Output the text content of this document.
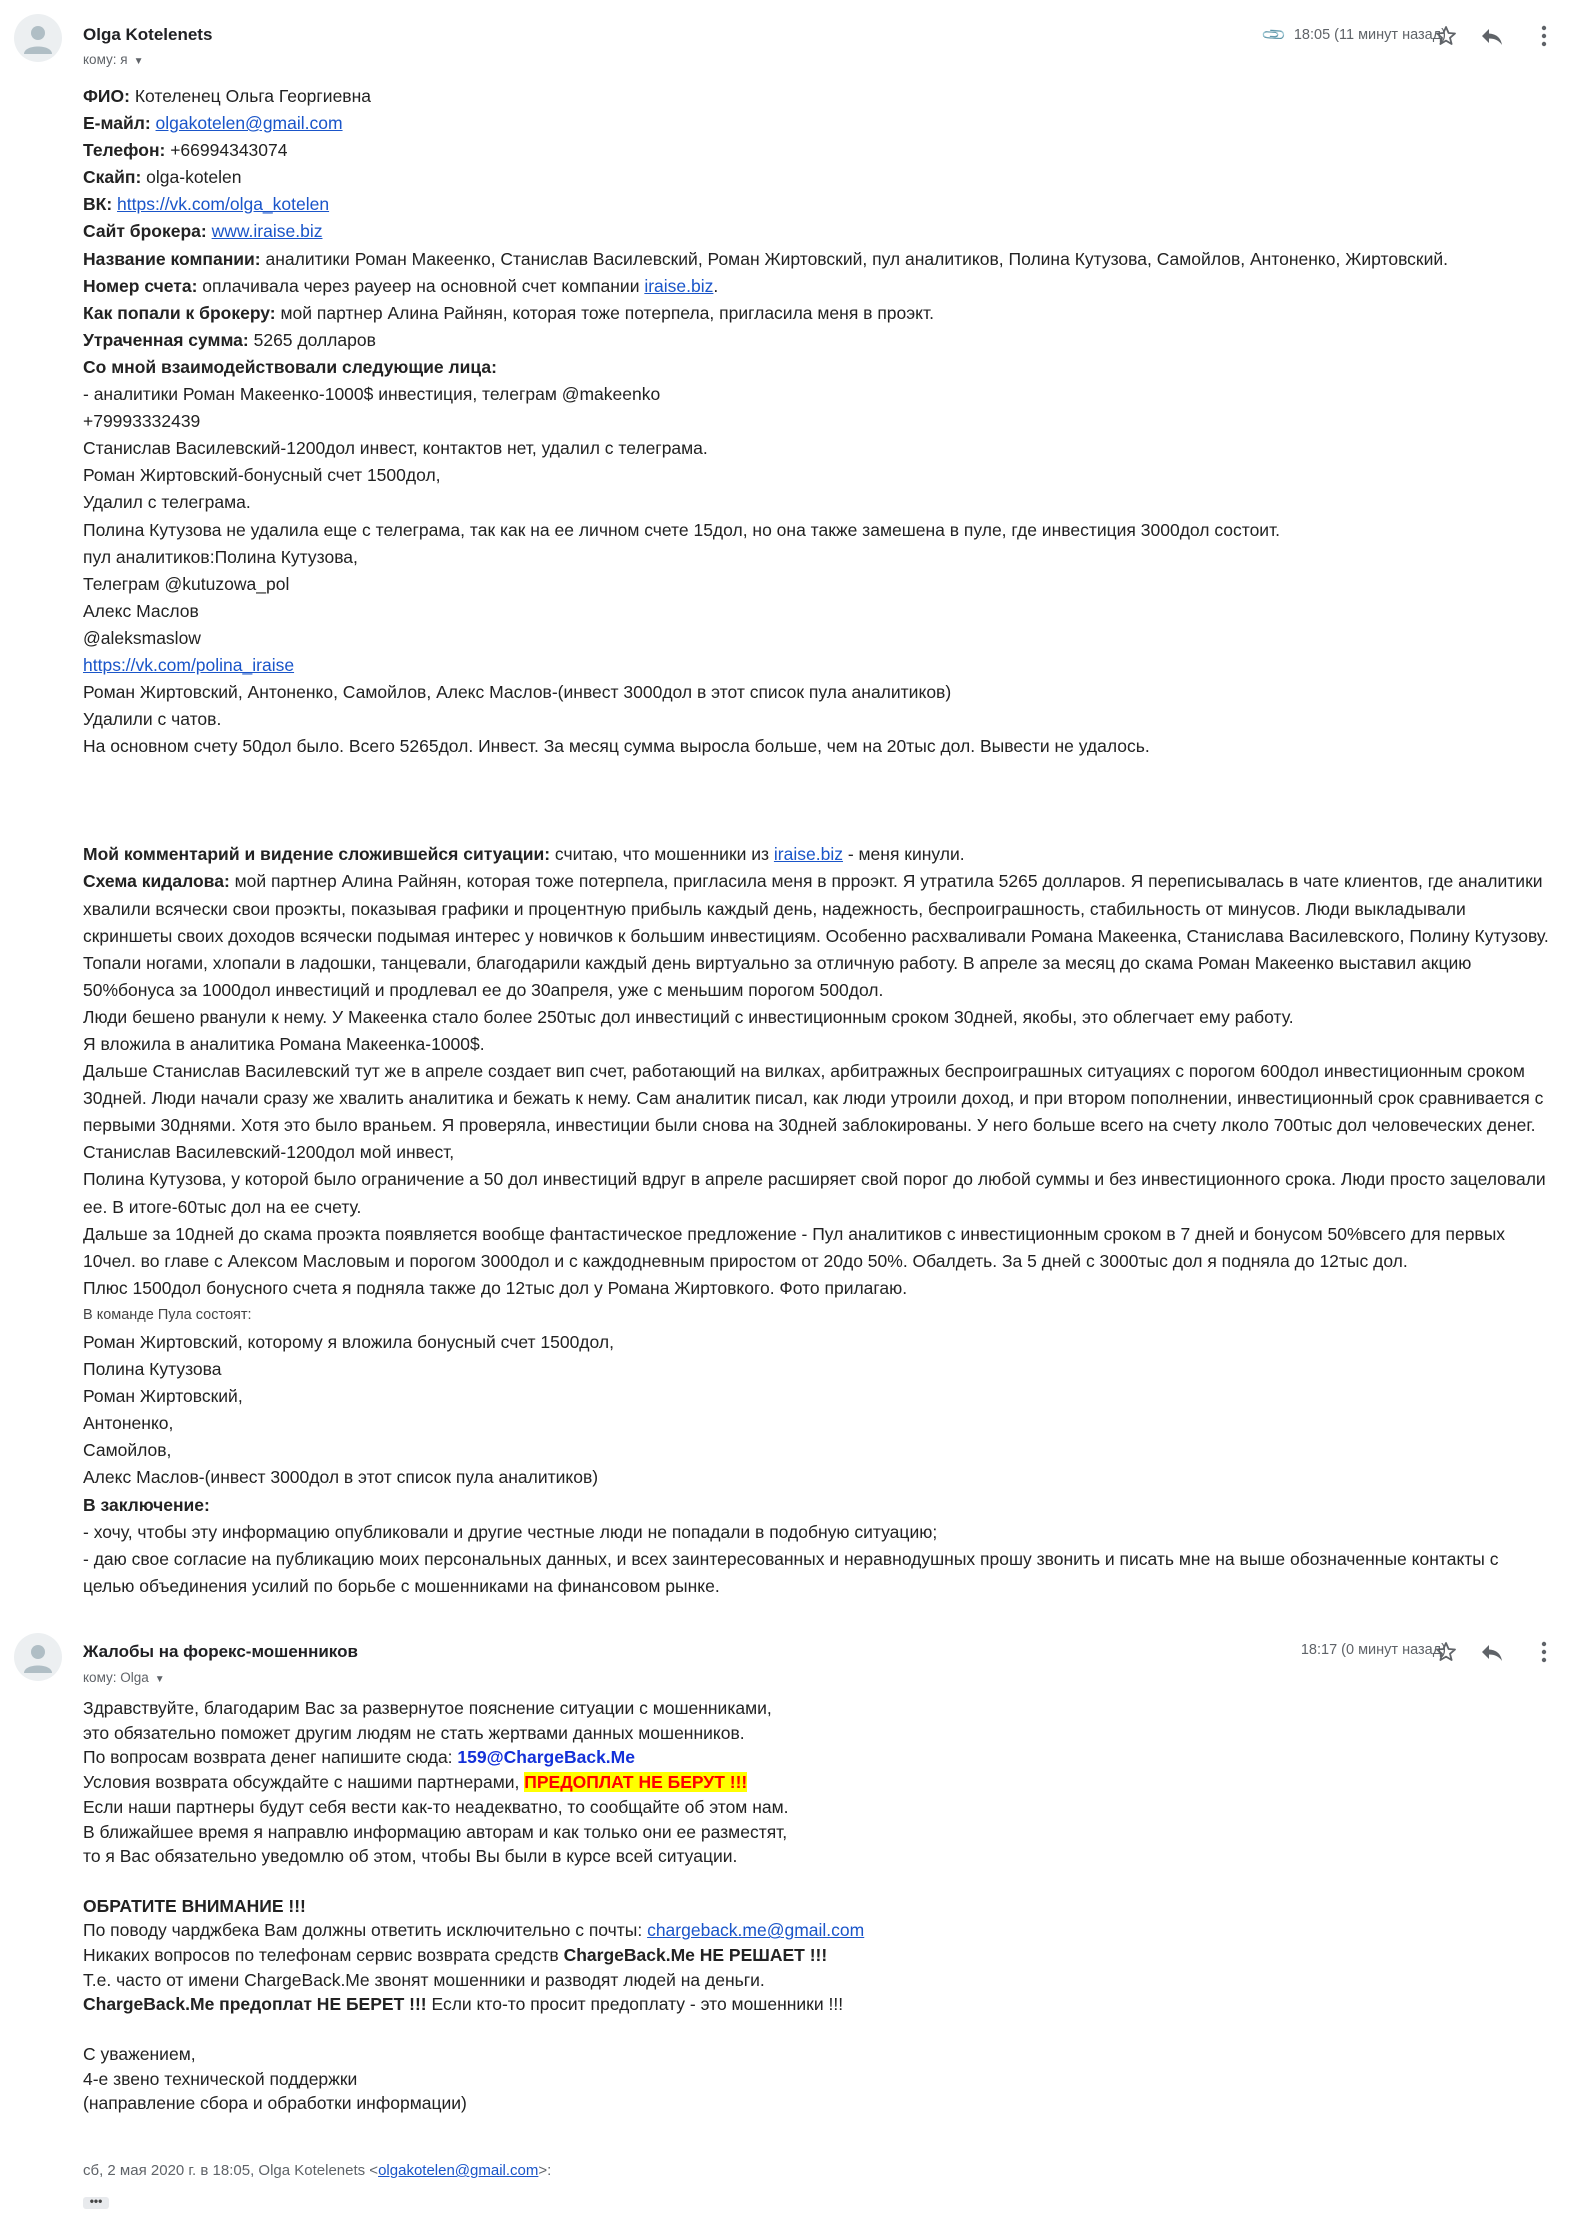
Olga Kotelenets
кому: я ▼
📎 18:05 (11 минут назад)

ФИО: Котеленец Ольга Георгиевна

Е-майл: olgakotelen@gmail.com

Телефон: +66994343074

Скайп: olga-kotelen

ВК: https://vk.com/olga_kotelen

Сайт брокера: www.iraise.biz

Название компании: аналитики Роман Макеенко, Станислав Василевский, Роман Жиртовский, пул аналитиков, Полина Кутузова, Самойлов, Антоненко, Жиртовский.

Номер счета: оплачивала через рауеер на основной счет компании iraise.biz.

Как попали к брокеру: мой партнер Алина Райнян, которая тоже потерпела, пригласила меня в проэкт.

Утраченная сумма: 5265 долларов

Со мной взаимодействовали следующие лица:

- аналитики Роман Макеенко-1000$ инвестиция, телеграм @makeenko

+79993332439

Станислав Василевский-1200дол инвест, контактов нет, удалил с телеграма.

Роман Жиртовский-бонусный счет 1500дол,

Удалил с телеграма.

Полина Кутузова не удалила еще с телеграма, так как на ее личном счете 15дол, но она также замешена в пуле, где инвестиция 3000дол состоит.

пул аналитиков:Полина Кутузова,

Телеграм @kutuzowa_pol

Алекс Маслов

@aleksmaslow

https://vk.com/polina_iraise

Роман Жиртовский, Антоненко, Самойлов, Алекс Маслов-(инвест 3000дол в этот список пула аналитиков)

Удалили с чатов.

На основном счету 50дол было. Всего 5265дол. Инвест. За месяц сумма выросла больше, чем на 20тыс дол. Вывести не удалось.

Мой комментарий и видение сложившейся ситуации: считаю, что мошенники из iraise.biz - меня кинули.

Схема кидалова: мой партнер Алина Райнян, которая тоже потерпела, пригласила меня в прроэкт. Я утратила 5265 долларов. Я переписывалась в чате клиентов, где аналитики хвалили всячески свои проэкты, показывая графики и процентную прибыль каждый день, надежность, беспроигрaшность, стабильность от минусов. Люди выкладывали скриншеты своих доходов всячески подымая интерес у новичков к большим инвестициям. Особенно расхваливали Романа Макеенка, Станислава Василевского, Полину Кутузову. Топали ногами, хлопали в ладошки, танцевали, благодарили каждый день виртуально за отличную работу. В апреле за месяц до скама Роман Макеенко выставил акцию 50%бонуса за 1000дол инвестиций и продлевал ее до 30апреля, уже с меньшим порогом 500дол.

Люди бешено рванули к нему. У Макеенка стало более 250тыс дол инвестиций с инвестиционным сроком 30дней, якобы, это облегчает ему работу.

Я вложила в аналитика Романа Макеенка-1000$.

Дальше Станислав Василевский тут же в апреле создает вип счет, работающий на вилках, арбитражных беспроигрaшных ситуациях с порогом 600дол инвестиционным сроком 30дней. Люди начали сразу же хвалить аналитика и бежать к нему. Сам аналитик писал, как люди утроили доход, и при втором пополнении, инвестиционный срок сравнивается с первыми 30днями. Хотя это было враньем. Я проверяла, инвестиции были снова на 30дней заблокированы. У него больше всего на счету лколо 700тыс дол человеческих денег.

Станислав Василевский-1200дол мой инвест,

Полина Кутузова, у которой было ограничение а 50 дол инвестиций вдруг в апреле расширяет свой порог до любой суммы и без инвестиционного срока. Люди просто зацеловали ее. В итоге-60тыс дол на ее счету.

Дальше за 10дней до скама проэкта появляется вообще фантастическое предложение - Пул аналитиков с инвестиционным сроком в 7 дней и бонусом 50%всего для первых 10чел. во главе с Алексом Масловым и порогом 3000дол и с каждодневным приростом от 20до 50%. Обалдеть. За 5 дней с 3000тыс дол я подняла до 12тыс дол.

Плюс 1500дол бонусного счета я подняла также до 12тыс дол у Романа Жиртовкого. Фото прилагаю.

В команде Пула состоят:

Роман Жиртовский, которому я вложила бонусный счет 1500дол,

Полина Кутузова

Роман Жиртовский,

Антоненко,

Самойлов,

Алекс Маслов-(инвест 3000дол в этот список пула аналитиков)

В заключение:

- хочу, чтобы эту информацию опубликовали и другие честные люди не попадали в подобную ситуацию;

- даю свое согласие на публикацию моих персональных данных, и всех заинтересованных и неравнодушных прошу звонить и писать мне на выше обозначенные контакты с целью объединения усилий по борьбе с мошенниками на финансовом рынке.

Жалобы на форекс-мошенников
кому: Olga ▼
18:17 (0 минут назад)

Здравствуйте, благодарим Вас за развернутое пояснение ситуации с мошенниками,

это обязательно поможет другим людям не стать жертвами данных мошенников.

По вопросам возврата денег напишите сюда: 159@ChargeBack.Me

Условия возврата обсуждайте с нашими партнерами, ПРЕДОПЛАТ НЕ БЕРУТ !!!

Если наши партнеры будут себя вести как-то неадекватно, то сообщайте об этом нам.

В ближайшее время я направлю информацию авторам и как только они ее разместят,

то я Вас обязательно уведомлю об этом, чтобы Вы были в курсе всей ситуации.

ОБРАТИТЕ ВНИМАНИЕ !!!

По поводу чарджбека Вам должны ответить исключительно с почты: chargeback.me@gmail.com

Никаких вопросов по телефонам сервис возврата средств ChargeBack.Me НЕ РЕШАЕТ !!!

Т.е. часто от имени ChargeBack.Me звонят мошенники и разводят людей на деньги.

ChargeBack.Me предоплат НЕ БЕРЕТ !!! Если кто-то просит предоплату - это мошенники !!!

С уважением,

4-е звено технической поддержки

(направление сбора и обработки информации)

сб, 2 мая 2020 г. в 18:05, Olga Kotelenets <olgakotelen@gmail.com>:
•••
